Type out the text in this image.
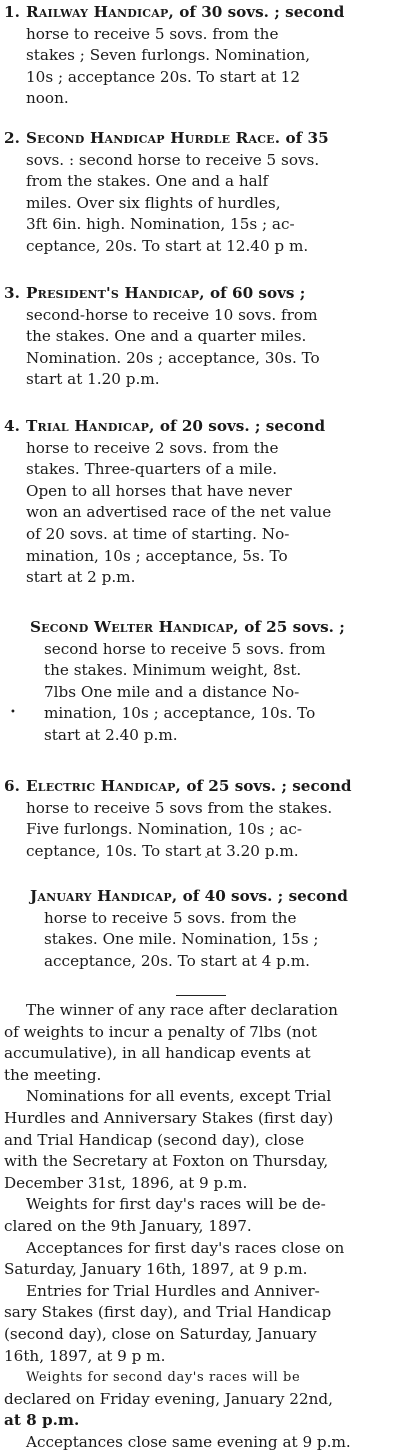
1. Railway Handicap, of 30 sovs. ; second
horse to receive 5 sovs. from the
stakes ; Seven furlongs. Nomination,
10s ; acceptance 20s. To start at 12
noon.
2. Second Handicap Hurdle Race. of 35
sovs. : second horse to receive 5 sovs.
from the stakes. One and a half
miles. Over six flights of hurdles,
3ft 6in. high. Nomination, 15s ; ac-
ceptance, 20s. To start at 12.40 p m.
3. President's Handicap, of 60 sovs ;
second-horse to receive 10 sovs. from
the stakes. One and a quarter miles.
Nomination. 20s ; acceptance, 30s. To
start at 1.20 p.m.
4. Trial Handicap, of 20 sovs. ; second
horse to receive 2 sovs. from the
stakes. Three-quarters of a mile.
Open to all horses that have never
won an advertised race of the net value
of 20 sovs. at time of starting. No-
mination, 10s ; acceptance, 5s. To
start at 2 p.m.
Second Welter Handicap, of 25 sovs. ;
second horse to receive 5 sovs. from
the stakes. Minimum weight, 8st.
7lbs One mile and a distance No-
mination, 10s ; acceptance, 10s. To
start at 2.40 p.m.
6. Electric Handicap, of 25 sovs. ; second
horse to receive 5 sovs from the stakes.
Five furlongs. Nomination, 10s ; ac-
ceptance, 10s. To start at 3.20 p.m.
January Handicap, of 40 sovs. ; second
horse to receive 5 sovs. from the
stakes. One mile. Nomination, 15s ;
acceptance, 20s. To start at 4 p.m.
•
ˇ
The winner of any race after declaration
of weights to incur a penalty of 7lbs (not
accumulative), in all handicap events at
the meeting.
Nominations for all events, except Trial
Hurdles and Anniversary Stakes (first day)
and Trial Handicap (second day), close
with the Secretary at Foxton on Thursday,
December 31st, 1896, at 9 p.m.
Weights for first day's races will be de-
clared on the 9th January, 1897.
Acceptances for first day's races close on
Saturday, January 16th, 1897, at 9 p.m.
Entries for Trial Hurdles and Anniver-
sary Stakes (first day), and Trial Handicap
(second day), close on Saturday, January
16th, 1897, at 9 p m.
Weights for second day's races will be
declared on Friday evening, January 22nd,
at 8 p.m.
Acceptances close same evening at 9 p.m.
